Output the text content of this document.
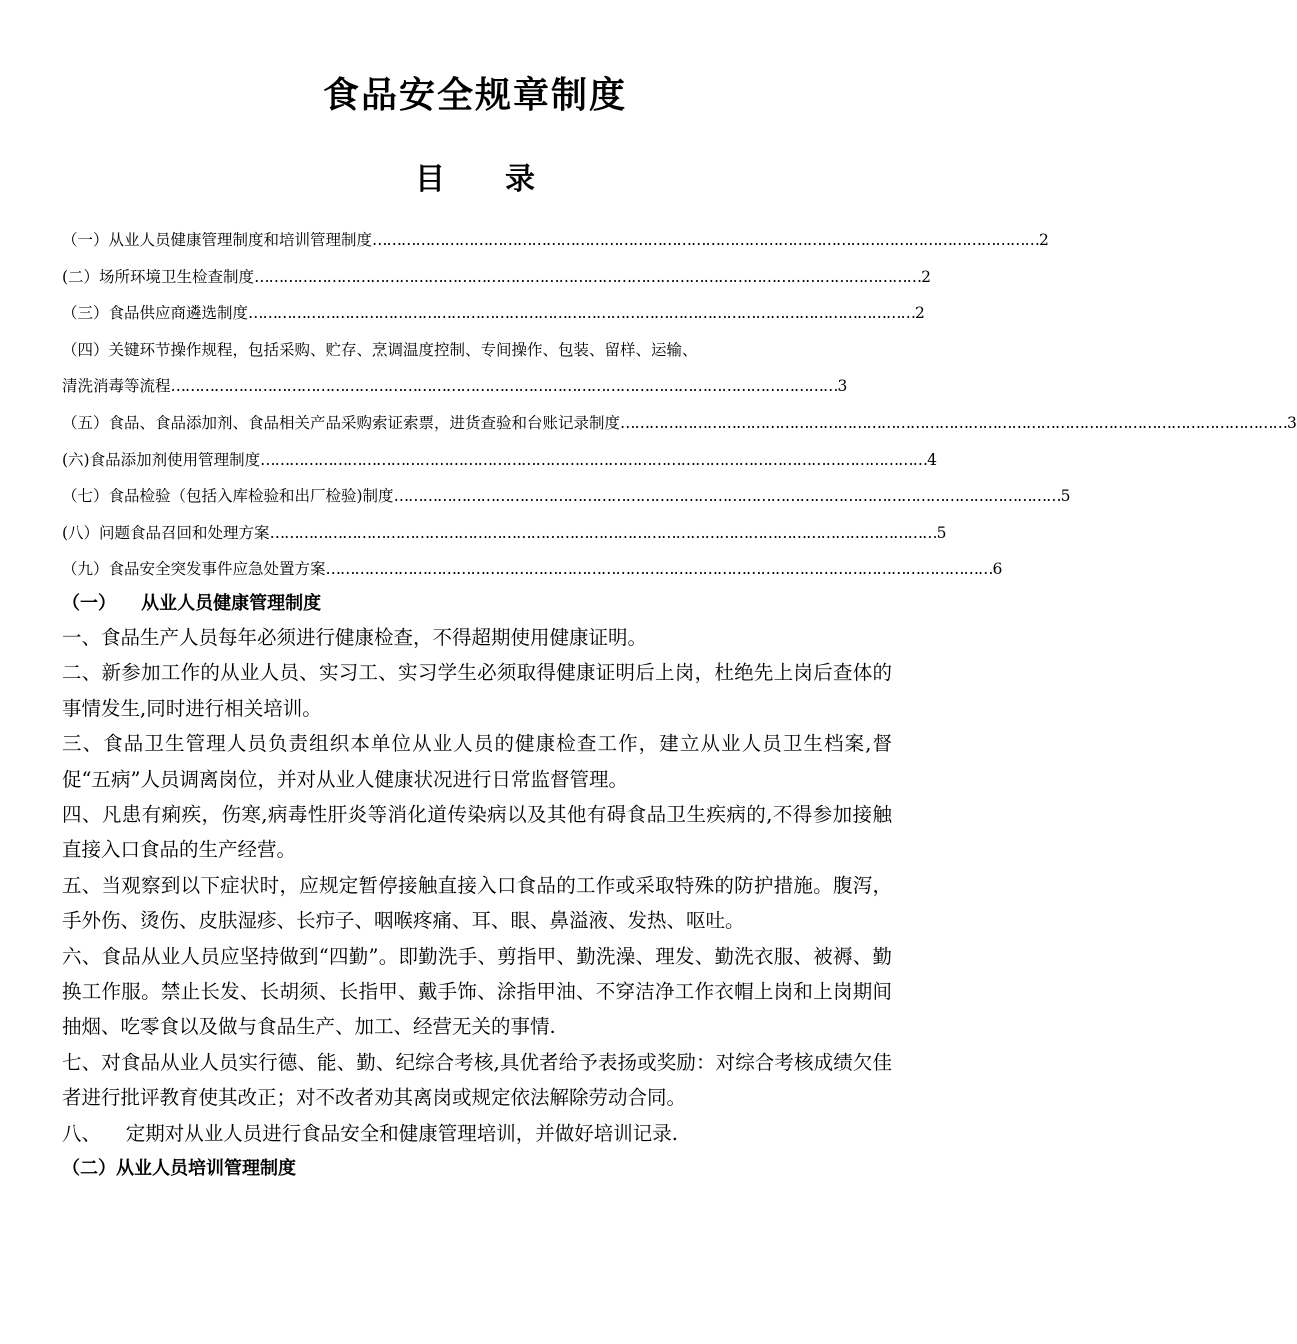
食品安全规章制度
目 录
（一）从业人员健康管理制度和培训管理制度 ………………………………………………………………………………………………………………………… 2
(二）场所环境卫生检查制度 ………………………………………………………………………………………………………………………… 2
（三）食品供应商遴选制度 ………………………………………………………………………………………………………………………… 2
（四）关键环节操作规程，包括采购、贮存、烹调温度控制、专间操作、包装、留样、运输、
清洗消毒等流程 ………………………………………………………………………………………………………………………… 3
（五）食品、食品添加剂、食品相关产品采购索证索票，进货查验和台账记录制度 ………………………………………………………………………………………………………………………… 3
(六)食品添加剂使用管理制度 ………………………………………………………………………………………………………………………… 4
（七）食品检验（包括入库检验和出厂检验)制度 ………………………………………………………………………………………………………………………… 5
(八）问题食品召回和处理方案 ………………………………………………………………………………………………………………………… 5
（九）食品安全突发事件应急处置方案 ………………………………………………………………………………………………………………………… 6
（一）    从业人员健康管理制度

一、食品生产人员每年必须进行健康检查，不得超期使用健康证明。

二、新参加工作的从业人员、实习工、实习学生必须取得健康证明后上岗，杜绝先上岗后查体的事情发生,同时进行相关培训。

三、食品卫生管理人员负责组织本单位从业人员的健康检查工作，建立从业人员卫生档案,督促“五病”人员调离岗位，并对从业人健康状况进行日常监督管理。

四、凡患有痢疾，伤寒,病毒性肝炎等消化道传染病以及其他有碍食品卫生疾病的,不得参加接触直接入口食品的生产经营。

五、当观察到以下症状时，应规定暂停接触直接入口食品的工作或采取特殊的防护措施。腹泻，手外伤、烫伤、皮肤湿疹、长疖子、咽喉疼痛、耳、眼、鼻溢液、发热、呕吐。

六、食品从业人员应坚持做到“四勤”。即勤洗手、剪指甲、勤洗澡、理发、勤洗衣服、被褥、勤换工作服。禁止长发、长胡须、长指甲、戴手饰、涂指甲油、不穿洁净工作衣帽上岗和上岗期间抽烟、吃零食以及做与食品生产、加工、经营无关的事情.

七、对食品从业人员实行德、能、勤、纪综合考核,具优者给予表扬或奖励：对综合考核成绩欠佳者进行批评教育使其改正；对不改者劝其离岗或规定依法解除劳动合同。

八、    定期对从业人员进行食品安全和健康管理培训，并做好培训记录.

（二）从业人员培训管理制度
